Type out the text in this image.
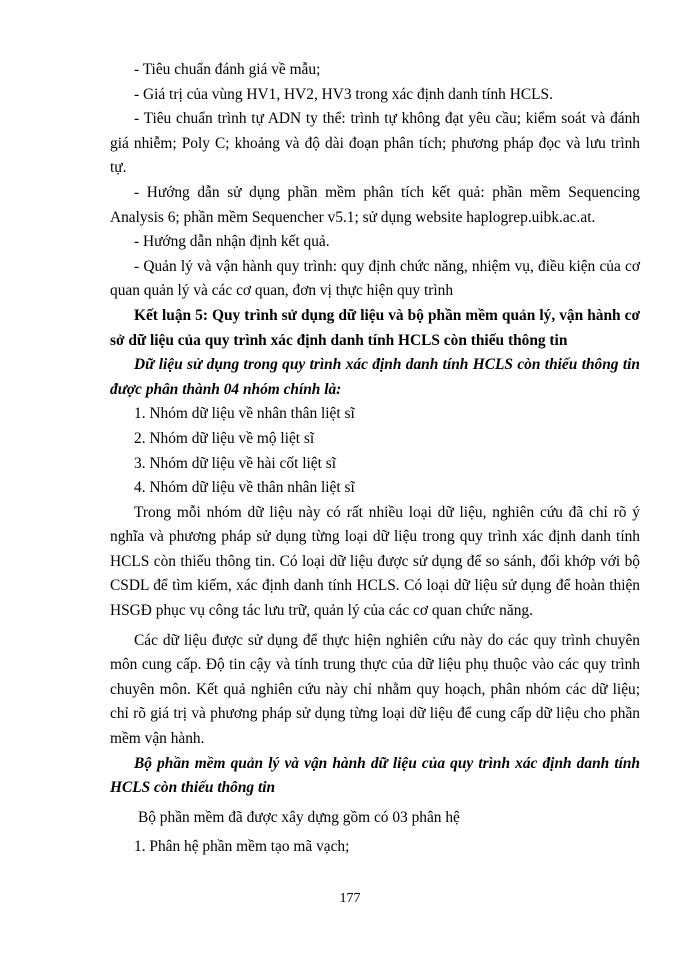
- Tiêu chuẩn đánh giá về mẫu;

- Giá trị của vùng HV1, HV2, HV3 trong xác định danh tính HCLS.

- Tiêu chuẩn trình tự ADN ty thể: trình tự không đạt yêu cầu; kiểm soát và đánh giá nhiễm; Poly C; khoảng và độ dài đoạn phân tích; phương pháp đọc và lưu trình tự.

- Hướng dẫn sử dụng phần mềm phân tích kết quả: phần mềm Sequencing Analysis 6; phần mềm Sequencher v5.1; sử dụng website haplogrep.uibk.ac.at.

- Hướng dẫn nhận định kết quả.

- Quản lý và vận hành quy trình: quy định chức năng, nhiệm vụ, điều kiện của cơ quan quản lý và các cơ quan, đơn vị thực hiện quy trình

Kết luận 5: Quy trình sử dụng dữ liệu và bộ phần mềm quản lý, vận hành cơ sở dữ liệu của quy trình xác định danh tính HCLS còn thiếu thông tin

Dữ liệu sử dụng trong quy trình xác định danh tính HCLS còn thiếu thông tin được phân thành 04 nhóm chính là:

1. Nhóm dữ liệu về nhân thân liệt sĩ

2. Nhóm dữ liệu về mộ liệt sĩ

3. Nhóm dữ liệu về hài cốt liệt sĩ

4. Nhóm dữ liệu về thân nhân liệt sĩ

Trong mỗi nhóm dữ liệu này có rất nhiều loại dữ liệu, nghiên cứu đã chỉ rõ ý nghĩa và phương pháp sử dụng từng loại dữ liệu trong quy trình xác định danh tính HCLS còn thiếu thông tin. Có loại dữ liệu được sử dụng để so sánh, đối khớp với bộ CSDL để tìm kiếm, xác định danh tính HCLS. Có loại dữ liệu sử dụng để hoàn thiện HSGĐ phục vụ công tác lưu trữ, quản lý của các cơ quan chức năng.

Các dữ liệu được sử dụng để thực hiện nghiên cứu này do các quy trình chuyên môn cung cấp. Độ tin cậy và tính trung thực của dữ liệu phụ thuộc vào các quy trình chuyên môn. Kết quả nghiên cứu này chỉ nhằm quy hoạch, phân nhóm các dữ liệu; chỉ rõ giá trị và phương pháp sử dụng từng loại dữ liệu để cung cấp dữ liệu cho phần mềm vận hành.

Bộ phần mềm quản lý và vận hành dữ liệu của quy trình xác định danh tính HCLS còn thiếu thông tin

Bộ phần mềm đã được xây dựng gồm có 03 phân hệ

1. Phân hệ phần mềm tạo mã vạch;

177
